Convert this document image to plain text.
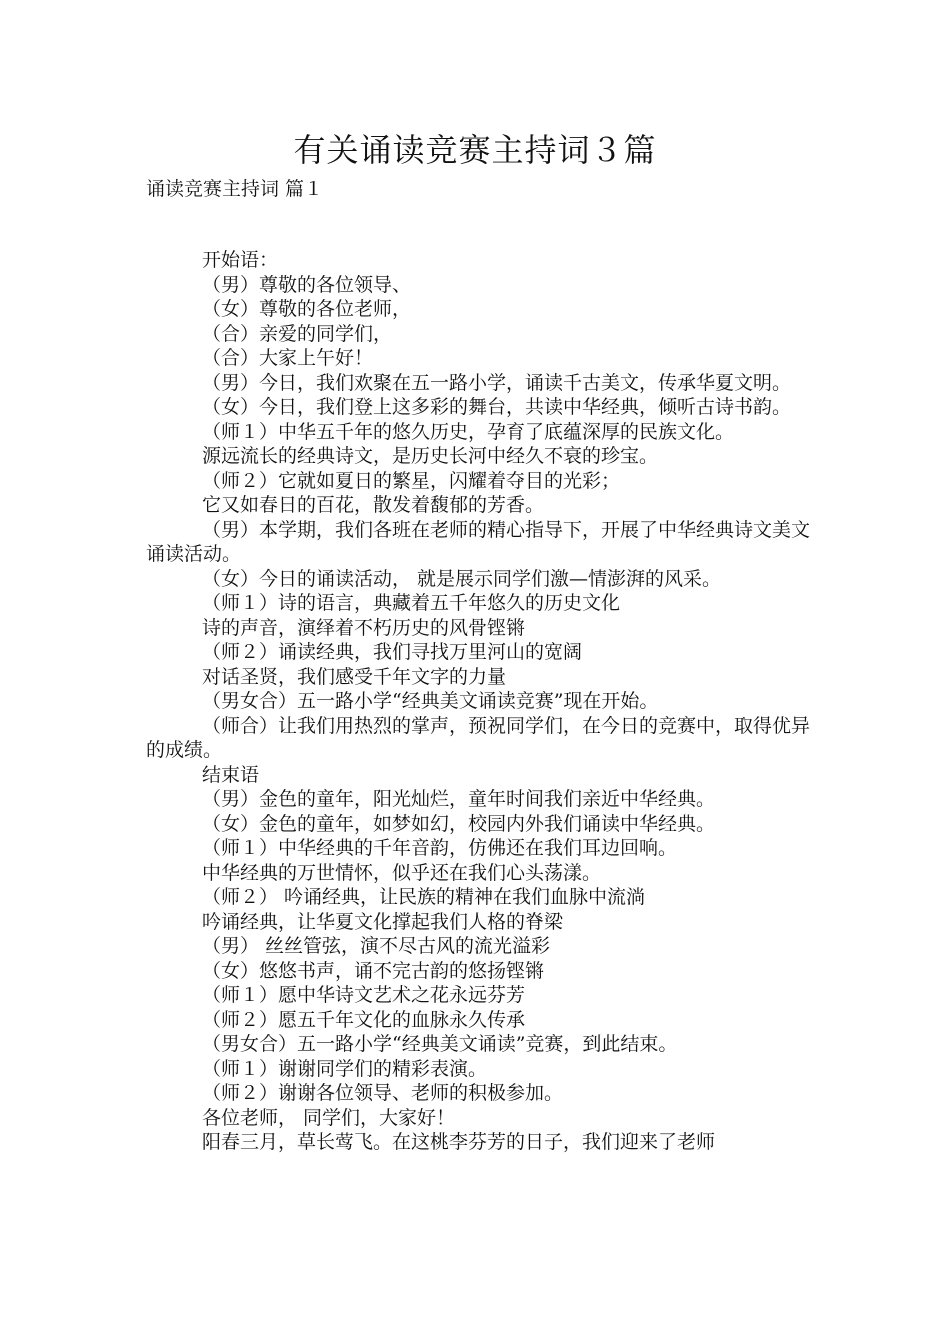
有关诵读竞赛主持词３篇
诵读竞赛主持词 篇１

开始语：

（男）尊敬的各位领导、

（女）尊敬的各位老师，

（合）亲爱的同学们，

（合）大家上午好！

（男）今日，我们欢聚在五一路小学，诵读千古美文，传承华夏文明。

（女）今日，我们登上这多彩的舞台，共读中华经典，倾听古诗书韵。

（师１）中华五千年的悠久历史，孕育了底蕴深厚的民族文化。

源远流长的经典诗文，是历史长河中经久不衰的珍宝。

（师２）它就如夏日的繁星，闪耀着夺目的光彩；

它又如春日的百花，散发着馥郁的芳香。

（男）本学期，我们各班在老师的精心指导下，开展了中华经典诗文美文诵读活动。

（女）今日的诵读活动， 就是展示同学们激—情澎湃的风采。

（师１）诗的语言，典藏着五千年悠久的历史文化

诗的声音，演绎着不朽历史的风骨铿锵

（师２）诵读经典，我们寻找万里河山的宽阔

对话圣贤，我们感受千年文字的力量

（男女合）五一路小学“经典美文诵读竞赛”现在开始。

（师合）让我们用热烈的掌声，预祝同学们，在今日的竞赛中，取得优异的成绩。

结束语

（男）金色的童年，阳光灿烂，童年时间我们亲近中华经典。

（女）金色的童年，如梦如幻，校园内外我们诵读中华经典。

（师１）中华经典的千年音韵，仿佛还在我们耳边回响。

中华经典的万世情怀，似乎还在我们心头荡漾。

（师２） 吟诵经典，让民族的精神在我们血脉中流淌

吟诵经典，让华夏文化撑起我们人格的脊梁

（男） 丝丝管弦，演不尽古风的流光溢彩

（女）悠悠书声，诵不完古韵的悠扬铿锵

（师１）愿中华诗文艺术之花永远芬芳

（师２）愿五千年文化的血脉永久传承

（男女合）五一路小学“经典美文诵读”竞赛，到此结束。

（师１）谢谢同学们的精彩表演。

（师２）谢谢各位领导、老师的积极参加。

各位老师， 同学们，大家好！

阳春三月，草长莺飞。在这桃李芬芳的日子，我们迎来了老师
